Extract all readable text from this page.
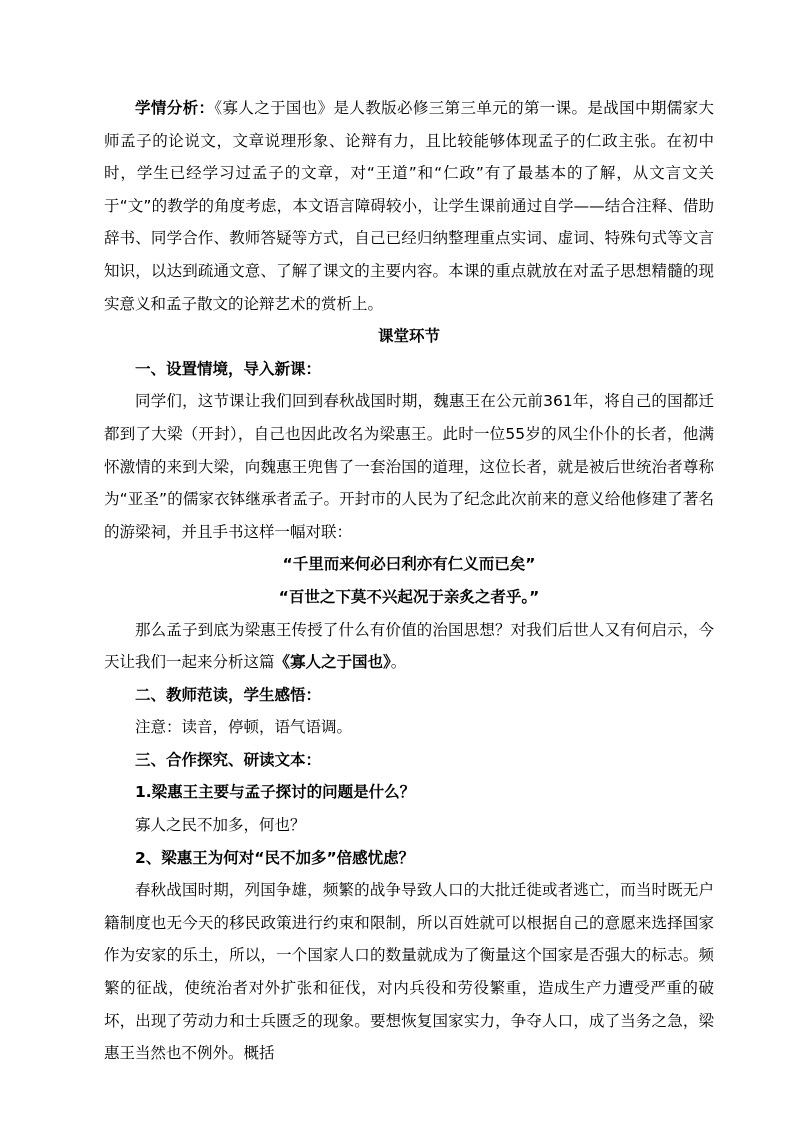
学情分析：《寡人之于国也》是人教版必修三第三单元的第一课。是战国中期儒家大师孟子的论说文，文章说理形象、论辩有力，且比较能够体现孟子的仁政主张。在初中时，学生已经学习过孟子的文章，对“王道”和“仁政”有了最基本的了解，从文言文关于“文”的教学的角度考虑，本文语言障碍较小，让学生课前通过自学——结合注释、借助辞书、同学合作、教师答疑等方式，自己已经归纳整理重点实词、虚词、特殊句式等文言知识，以达到疏通文意、了解了课文的主要内容。本课的重点就放在对孟子思想精髓的现实意义和孟子散文的论辩艺术的赏析上。

课堂环节

一、设置情境，导入新课：

同学们，这节课让我们回到春秋战国时期，魏惠王在公元前361年，将自己的国都迁都到了大梁（开封），自己也因此改名为梁惠王。此时一位55岁的风尘仆仆的长者，他满怀激情的来到大梁，向魏惠王兜售了一套治国的道理，这位长者，就是被后世统治者尊称为“亚圣”的儒家衣钵继承者孟子。开封市的人民为了纪念此次前来的意义给他修建了著名的游梁祠，并且手书这样一幅对联：

“千里而来何必曰利亦有仁义而已矣”

“百世之下莫不兴起况于亲炙之者乎。”

那么孟子到底为梁惠王传授了什么有价值的治国思想？对我们后世人又有何启示，今天让我们一起来分析这篇《寡人之于国也》。

二、教师范读，学生感悟：

注意：读音，停顿，语气语调。

三、合作探究、研读文本：

1.梁惠王主要与孟子探讨的问题是什么？

寡人之民不加多，何也？

2、梁惠王为何对“民不加多”倍感忧虑？

春秋战国时期，列国争雄，频繁的战争导致人口的大批迁徙或者逃亡，而当时既无户籍制度也无今天的移民政策进行约束和限制，所以百姓就可以根据自己的意愿来选择国家作为安家的乐土，所以，一个国家人口的数量就成为了衡量这个国家是否强大的标志。频繁的征战，使统治者对外扩张和征伐，对内兵役和劳役繁重，造成生产力遭受严重的破坏，出现了劳动力和士兵匮乏的现象。要想恢复国家实力，争夺人口，成了当务之急，梁惠王当然也不例外。概括
